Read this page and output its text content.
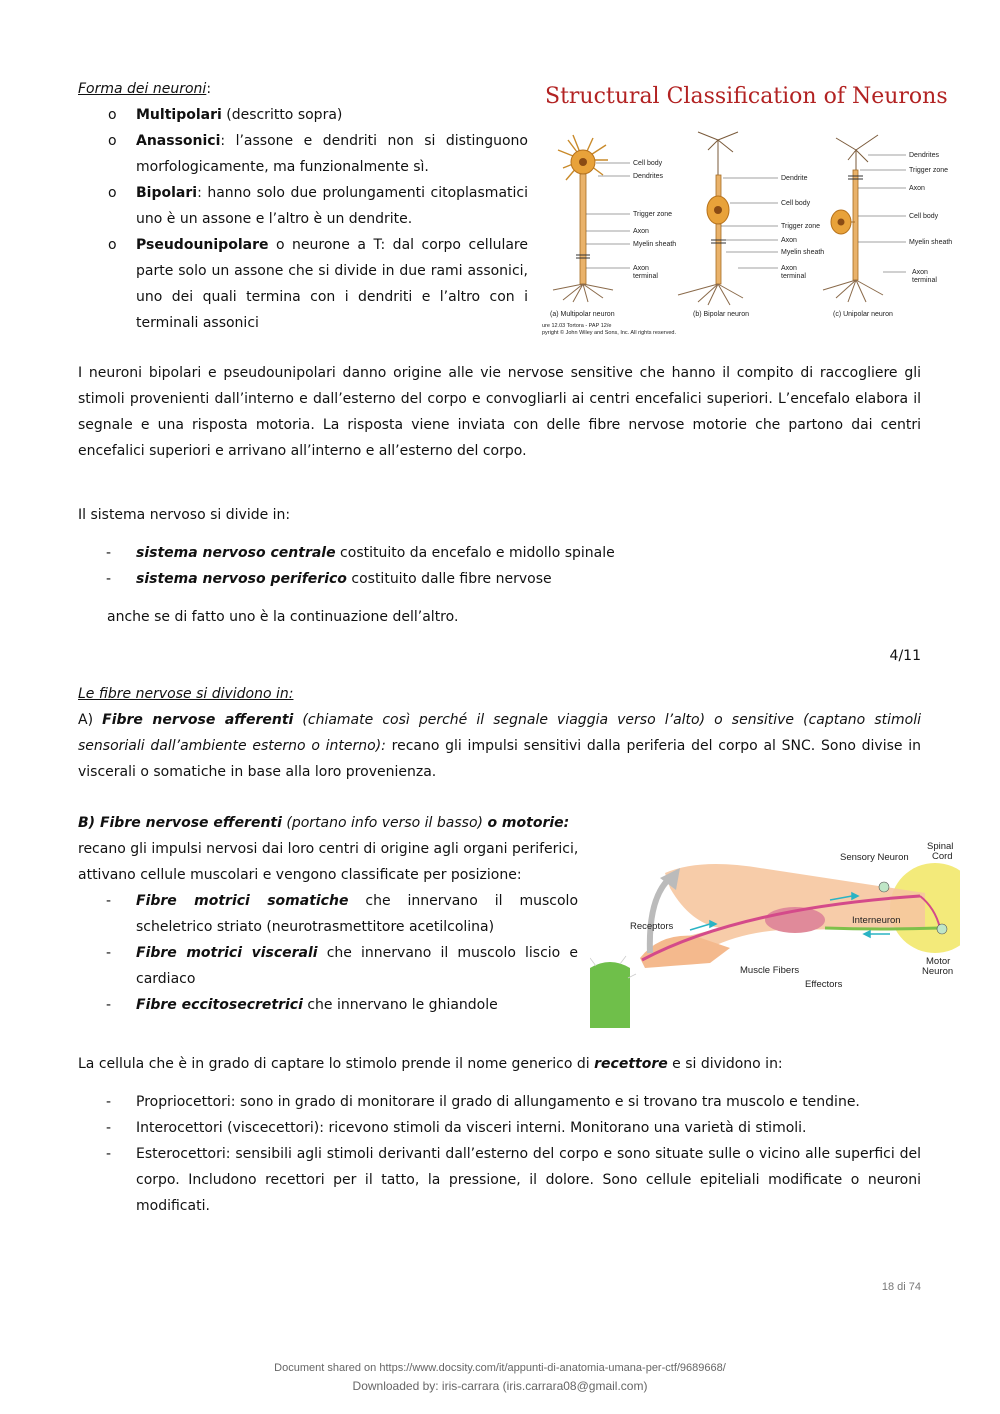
Forma dei neuroni:
o Multipolari (descritto sopra)
o Anassonici: l’assone e dendriti non si distinguono morfologicamente, ma funzionalmente sì.
o Bipolari: hanno solo due prolungamenti citoplasmatici uno è un assone e l’altro è un dendrite.
o Pseudounipolare o neurone a T: dal corpo cellulare parte solo un assone che si divide in due rami assonici, uno dei quali termina con i dendriti e l’altro con i terminali assonici
Structural Classification of Neurons
Cell body
Dendrites
Trigger zone
Axon
Myelin sheath
Axon
terminal
Dendrite
Cell body
Trigger zone
Axon
Myelin sheath
Axon
terminal
Dendrites
Trigger zone
Axon
Cell body
Myelin sheath
Axon
terminal
(a) Multipolar neuron	(b) Bipolar neuron	(c) Unipolar neuron
ure 12.03 Tortora - PAP 12/e
pyright © John Wiley and Sons, Inc. All rights reserved.
I neuroni bipolari e pseudounipolari danno origine alle vie nervose sensitive che hanno il compito di raccogliere gli stimoli provenienti dall’interno e dall’esterno del corpo e convogliarli ai centri encefalici superiori. L’encefalo elabora il segnale e una risposta motoria. La risposta viene inviata con delle fibre nervose motorie che partono dai centri encefalici superiori e arrivano all’interno e all’esterno del corpo.
Il sistema nervoso si divide in:
- sistema nervoso centrale costituito da encefalo e midollo spinale
- sistema nervoso periferico costituito dalle fibre nervose
anche se di fatto uno è la continuazione dell’altro.
4/11
Le fibre nervose si dividono in:
A) Fibre nervose afferenti (chiamate così perché il segnale viaggia verso l’alto) o sensitive (captano stimoli sensoriali dall’ambiente esterno o interno): recano gli impulsi sensitivi dalla periferia del corpo al SNC. Sono divise in viscerali o somatiche in base alla loro provenienza.
B) Fibre nervose efferenti (portano info verso il basso) o motorie:
recano gli impulsi nervosi dai loro centri di origine agli organi periferici, attivano cellule muscolari e vengono classificate per posizione:
- Fibre motrici somatiche che innervano il muscolo scheletrico striato (neurotrasmettitore acetilcolina)
- Fibre motrici viscerali che innervano il muscolo liscio e cardiaco
- Fibre eccitosecretrici che innervano le ghiandole
Sensory Neuron
Spinal
Cord
Interneuron
Receptors
Muscle Fibers
Effectors
Motor
Neuron
La cellula che è in grado di captare lo stimolo prende il nome generico di recettore e si dividono in:
- Propriocettori: sono in grado di monitorare il grado di allungamento e si trovano tra muscolo e tendine.
- Interocettori (viscecettori): ricevono stimoli da visceri interni. Monitorano una varietà di stimoli.
- Esterocettori: sensibili agli stimoli derivanti dall’esterno del corpo e sono situate sulle o vicino alle superfici del corpo. Includono recettori per il tatto, la pressione, il dolore. Sono cellule epiteliali modificate o neuroni modificati.
18 di 74
Document shared on https://www.docsity.com/it/appunti-di-anatomia-umana-per-ctf/9689668/
Downloaded by: iris-carrara (iris.carrara08@gmail.com)
